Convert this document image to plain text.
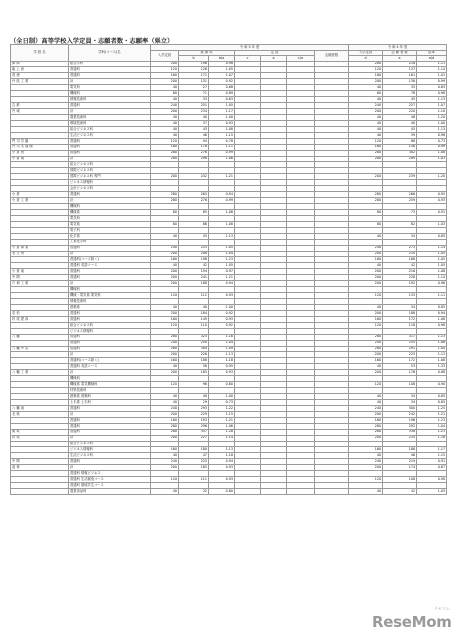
（全日制）高等学校入学定員・志願者数・志願率（県立）
学 校 名	学科(コース)名	令 和 5 年 度							令 和 4 年 度		
		入学定員	推 薦 枠		定 員			志願者数	入学定員	志 願 者 数	倍率
			b	b/a	c	a	c/a		d	e	e/d
津 商	総合学科	200	196	0.98					200	218	1.11
能 上 西	普通科	120	126	1.05					120	137	1.14
普 徳	普通科	160	171	1.07					160	161	1.01
丹 波 工 業	計	200	131	0.92					200	138	0.99
	電気科	40	27	0.68					40	33	0.83
	機械科	80	71	0.89					80	78	0.98
	情報技術科	40	33	0.83					40	45	1.13
吉 都	普通科	240	251	1.05					240	257	1.07
円 城	計	200	234	1.17					200	220	1.10
	農業技術科	40	40	1.00					40	48	1.20
	環境技術科	40	37	0.93					40	40	1.00
	総合ビジネス科	40	43	1.08					40	45	1.13
	生活ビジネス科	40	46	1.15					40	39	0.98
門 司 学 園	普通科	120	94	0.78					120	88	0.73
門 司 大 翔 館	普通科	160	178	1.11					160	158	0.99
小 倉 西	普通科	280	276	0.99					280	302	1.08
小 倉 南	計	280	298	1.06					280	289	1.03
	総合ビジネス科										
	国際ビジネス科										
	国際ビジネス科 専門	200	242	1.21					200	239	1.20
	ビジネス情報科										
	会計ビジネス科										
小 倉	普通科	280	263	0.94					280	266	0.95
小 倉 工 業	計	280	276	0.99					280	259	0.93
	機械科										
	機械系	80	85	1.06					80	73	0.91
	電気科										
	電気系	80	86	1.08					80	82	1.03
	電子科										
	化学系	40	45	1.13					40	34	0.85
	工業化学科										
小 倉 商 業	普通科	240	253	1.05					240	273	1.14
北 九 州	計	200	208	1.04					200	210	1.05
	普通科(コース除く)	160	196	1.23					160	168	1.05
	普通科 英語コース	40	42	1.05					40	42	1.05
小 倉 東	普通科	200	194	0.97					200	216	1.08
中 間	普通科	200	241	1.21					200	228	1.14
戸 畑 工 業	計	200	188	0.94					200	192	0.96
	機械科										
	機械・電気系 電気科	120	112	0.93					120	133	1.11
	情報技術科										
	建築系	40	40	1.00					40	34	0.85
若 松	普通科	200	184	0.92					200	188	0.94
折 尾 愛 真	普通科	160	149	0.93					160	172	1.08
	総合ビジネス科	120	110	0.92					120	118	0.98
	ビジネス情報科										
八 幡	普通科	280	325	1.16					280	317	1.13
	普通科	240	250	1.04					240	255	1.06
八 幡 中 央	普通科	280	304	1.09					280	291	1.04
	計	200	226	1.13					200	225	1.13
	普通科(コース除く)	160	188	1.18					160	172	1.08
	普通科 英語コース	40	38	0.95					40	53	1.33
八 幡 工 業	計	200	185	0.93					200	176	0.88
	機械科										
	機械系 電気機械科	120	96	0.80					120	108	0.90
	材料技術科										
	建築系 建築科	40	40	1.00					40	34	0.85
	土木系 土木科	40	29	0.73					40	34	0.85
八 幡 南	普通科	240	293	1.22					240	300	1.25
北 筑	計	200	229	1.15					200	242	1.21
	普通科	160	193	1.21					160	196	1.23
	普通科	280	296	1.06					280	292	1.04
東 筑	普通科	280	357	1.28					280	338	1.21
折 尾	計	200	227	1.14					200	235	1.18
	総合ビジネス科										
	ビジネス情報科	160	180	1.13					160	188	1.17
	生活ビジネス科	40	47	1.18					40	46	1.15
中 間	普通科	240	225	0.94					240	219	0.91
遠 賀	計	200	185	0.93					200	174	0.87
	普通科 情報ビジネス										
	普通科 生活創造コース	120	111	0.93					120	108	0.90
	普通科 環境共生コース										
	農業食品科	40	32	0.80					40	42	1.05
ReseMom
リセマム
